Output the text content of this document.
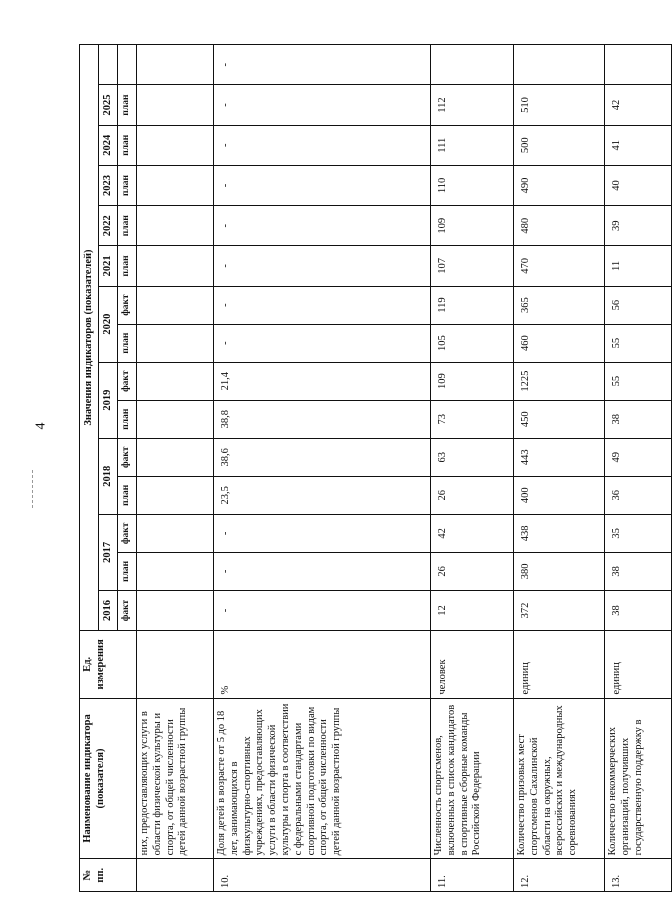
4
№ пп.	Наименование индикатора (показателя)	Ед. измерения	Значения индикаторов (показателей)														
			2016	2017		2018		2019		2020		2021	2022	2023	2024	2025	
			факт	план	факт	план	факт	план	факт	план	факт	план	план	план	план	план	
	них, предоставляющих услуги в области физической культуры и спорта, от общей численности детей данной возрастной группы																
10.	Доля детей в возрасте от 5 до 18 лет, занимающихся в физкультурно-спортивных учреждениях, предоставляющих услуги в области физической культуры и спорта в соответствии с федеральными стандартами спортивной подготовки по видам спорта, от общей численности детей данной возрастной группы	%	-	-	-	23,5	38,6	38,8	21,4	-	-	-	-	-	-	-	-
11.	Численность спортсменов, включенных в список кандидатов в спортивные сборные команды Российской Федерации	человек	12	26	42	26	63	73	109	105	119	107	109	110	111	112	
12.	Количество призовых мест спортсменов Сахалинской области на окружных, всероссийских и международных соревнованиях	единиц	372	380	438	400	443	450	1225	460	365	470	480	490	500	510	
13.	Количество некоммерческих организаций, получивших государственную поддержку в	единиц	38	38	35	36	49	38	55	55	56	11	39	40	41	42	
